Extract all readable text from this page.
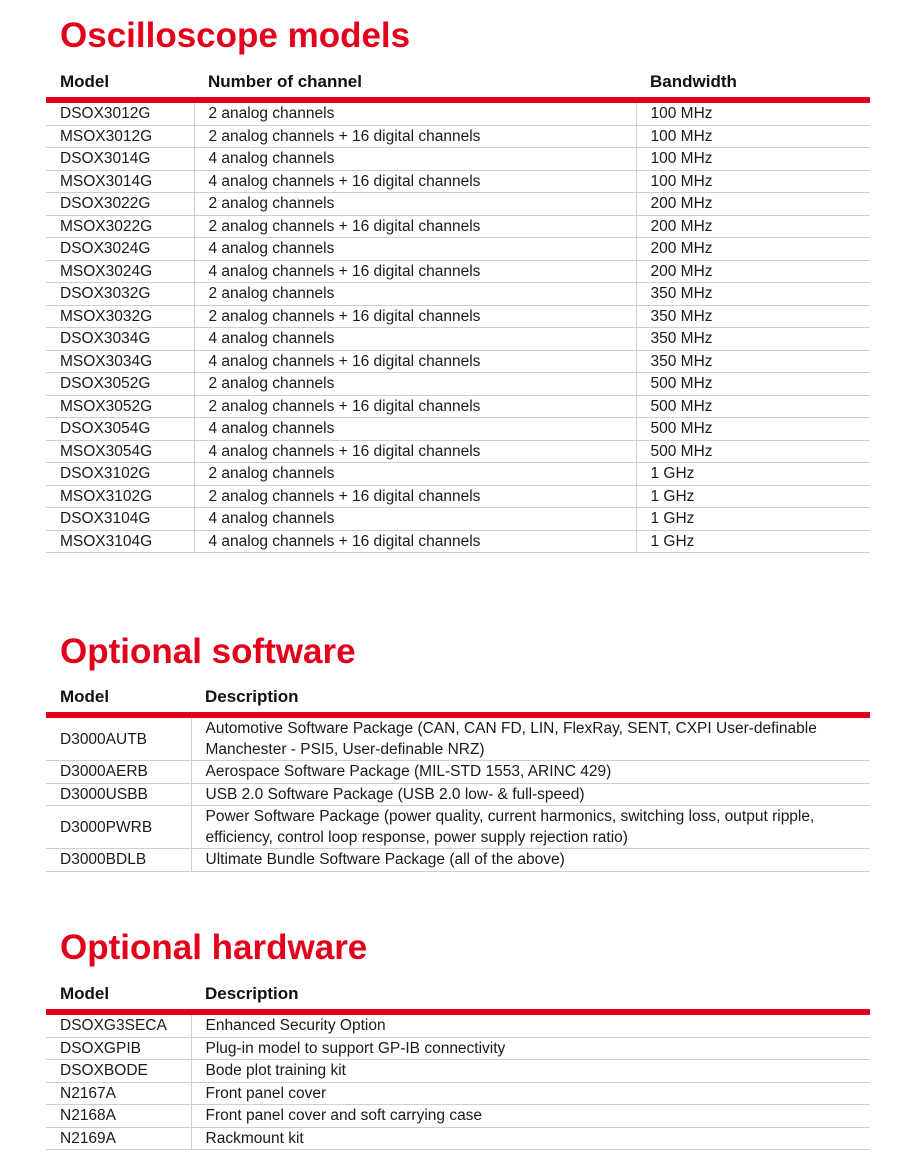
Oscilloscope models
Model	Number of channel	Bandwidth
DSOX3012G	2 analog channels	100 MHz
MSOX3012G	2 analog channels + 16 digital channels	100 MHz
DSOX3014G	4 analog channels	100 MHz
MSOX3014G	4 analog channels + 16 digital channels	100 MHz
DSOX3022G	2 analog channels	200 MHz
MSOX3022G	2 analog channels + 16 digital channels	200 MHz
DSOX3024G	4 analog channels	200 MHz
MSOX3024G	4 analog channels + 16 digital channels	200 MHz
DSOX3032G	2 analog channels	350 MHz
MSOX3032G	2 analog channels + 16 digital channels	350 MHz
DSOX3034G	4 analog channels	350 MHz
MSOX3034G	4 analog channels + 16 digital channels	350 MHz
DSOX3052G	2 analog channels	500 MHz
MSOX3052G	2 analog channels + 16 digital channels	500 MHz
DSOX3054G	4 analog channels	500 MHz
MSOX3054G	4 analog channels + 16 digital channels	500 MHz
DSOX3102G	2 analog channels	1 GHz
MSOX3102G	2 analog channels + 16 digital channels	1 GHz
DSOX3104G	4 analog channels	1 GHz
MSOX3104G	4 analog channels + 16 digital channels	1 GHz
Optional software
Model	Description
D3000AUTB	Automotive Software Package (CAN, CAN FD, LIN, FlexRay, SENT, CXPI User-definable Manchester - PSI5, User-definable NRZ)
D3000AERB	Aerospace Software Package (MIL-STD 1553, ARINC 429)
D3000USBB	USB 2.0 Software Package (USB 2.0 low- & full-speed)
D3000PWRB	Power Software Package (power quality, current harmonics, switching loss, output ripple, efficiency, control loop response, power supply rejection ratio)
D3000BDLB	Ultimate Bundle Software Package (all of the above)
Optional hardware
Model	Description
DSOXG3SECA	Enhanced Security Option
DSOXGPIB	Plug-in model to support GP-IB connectivity
DSOXBODE	Bode plot training kit
N2167A	Front panel cover
N2168A	Front panel cover and soft carrying case
N2169A	Rackmount kit
